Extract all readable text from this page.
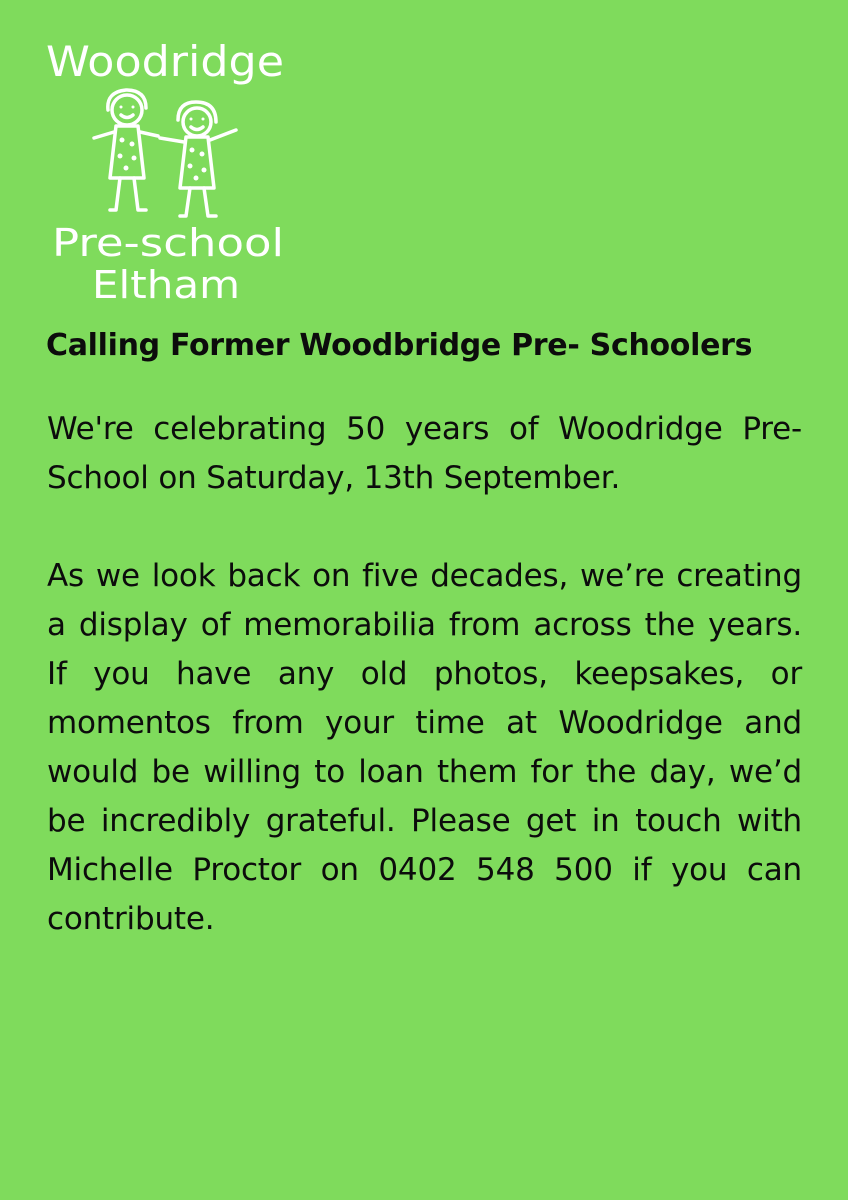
Woodridge
Pre-school
Eltham
Calling Former Woodbridge Pre- Schoolers

We're celebrating 50 years of Woodridge Pre-School on Saturday, 13th September.

As we look back on five decades, we’re creating a display of memorabilia from across the years. If you have any old photos, keepsakes, or momentos from your time at Woodridge and would be willing to loan them for the day, we’d be incredibly grateful. Please get in touch with Michelle Proctor on 0402 548 500 if you can contribute.
